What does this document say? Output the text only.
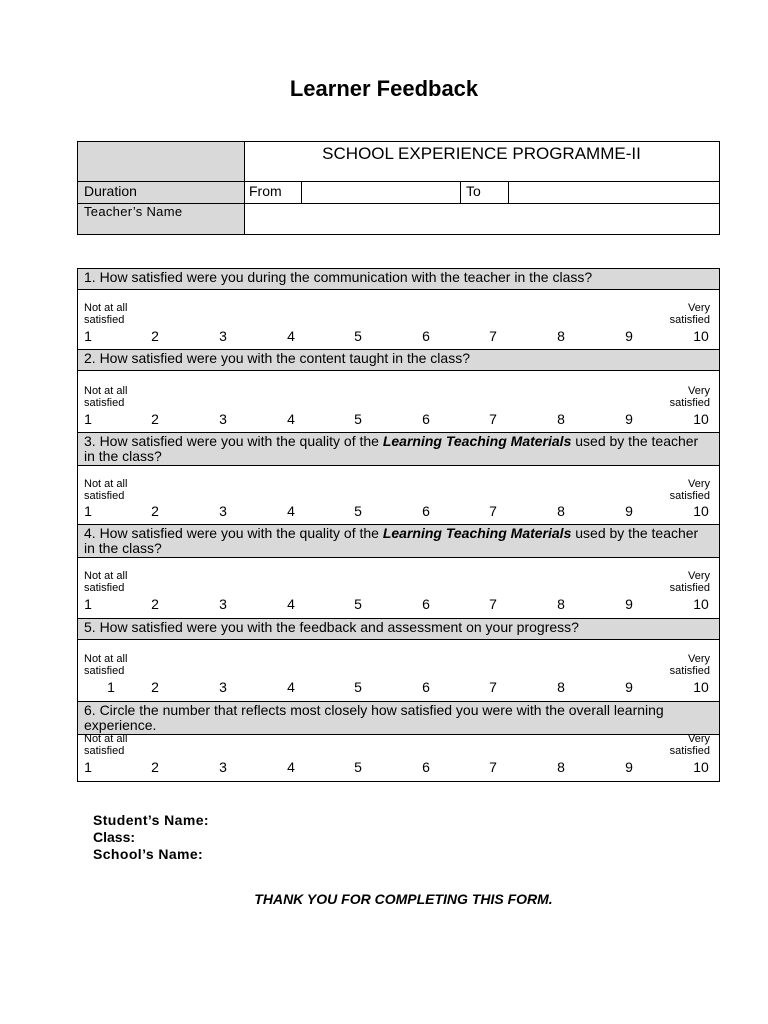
Learner Feedback
SCHOOL EXPERIENCE PROGRAMME-II
Duration	From	To
Teacher’s Name
1. How satisfied were you during the communication with the teacher in the class?
Not at all
satisfied
Very
satisfied
1	2	3	4	5	6	7	8	9	10
2. How satisfied were you with the content taught in the class?
Not at all
satisfied
Very
satisfied
1	2	3	4	5	6	7	8	9	10
3. How satisfied were you with the quality of the Learning Teaching Materials used by the teacher in the class?
Not at all
satisfied
Very
satisfied
1	2	3	4	5	6	7	8	9	10
4. How satisfied were you with the quality of the Learning Teaching Materials used by the teacher in the class?
Not at all
satisfied
Very
satisfied
1	2	3	4	5	6	7	8	9	10
5. How satisfied were you with the feedback and assessment on your progress?
Not at all
satisfied
Very
satisfied
1	2	3	4	5	6	7	8	9	10
6. Circle the number that reflects most closely how satisfied you were with the overall learning experience.
Not at all
satisfied
Very
satisfied
1	2	3	4	5	6	7	8	9	10
Student’s Name:
Class:
School’s Name:
THANK YOU FOR COMPLETING THIS FORM.
